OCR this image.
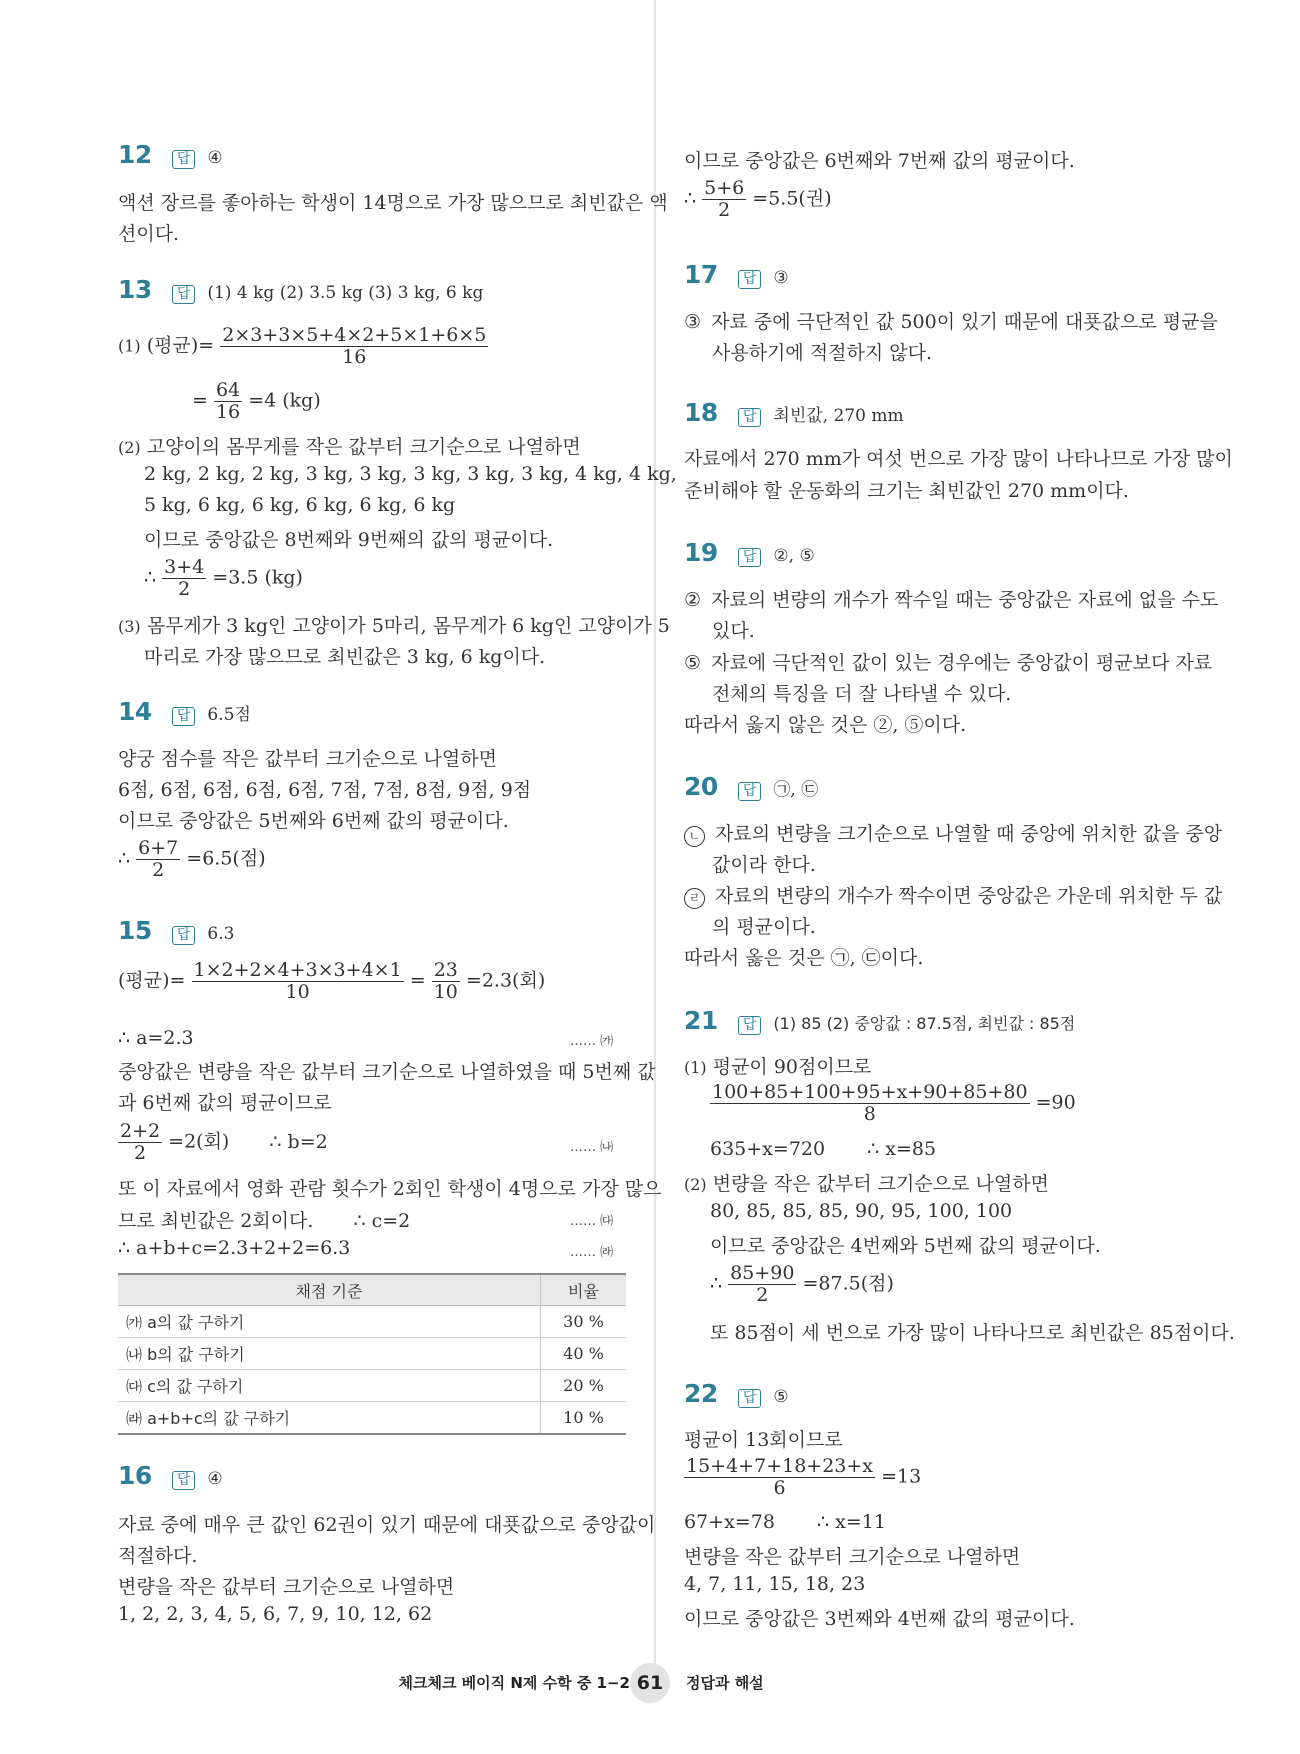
12 답 ④
액션 장르를 좋아하는 학생이 14명으로 가장 많으므로 최빈값은 액
션이다.
13 답 (1) 4 kg (2) 3.5 kg (3) 3 kg, 6 kg
(1) (평균)= $\frac{2\times 3+3\times 5+4\times 2+5\times 1+6\times 5}{16}$
= $\frac{64}{16} =4$ (kg)
(2) 고양이의 몸무게를 작은 값부터 크기순으로 나열하면
2 kg, 2 kg, 2 kg, 3 kg, 3 kg, 3 kg, 3 kg, 3 kg, 4 kg, 4 kg,
5 kg, 6 kg, 6 kg, 6 kg, 6 kg, 6 kg
이므로 중앙값은 8번째와 9번째의 값의 평균이다.
∴ $\frac{3+4}{2} =3.5$ (kg)
(3) 몸무게가 3 kg인 고양이가 5마리, 몸무게가 6 kg인 고양이가 5
마리로 가장 많으므로 최빈값은 3 kg, 6 kg이다.
14 답 6.5점
양궁 점수를 작은 값부터 크기순으로 나열하면
6점, 6점, 6점, 6점, 6점, 7점, 7점, 8점, 9점, 9점
이므로 중앙값은 5번째와 6번째 값의 평균이다.
∴ $\frac{6+7}{2} =6.5$(점)
15 답 6.3
(평균)= $\frac{1\times 2+2\times 4+3\times 3+4\times 1}{10} = \frac{23}{10} =2.3$(회)
∴ a=2.3	…… ㈎
중앙값은 변량을 작은 값부터 크기순으로 나열하였을 때 5번째 값
과 6번째 값의 평균이므로
$\frac{2+2}{2} =2$(회) ∴ b=2	…… ㈏
또 이 자료에서 영화 관람 횟수가 2회인 학생이 4명으로 가장 많으
므로 최빈값은 2회이다. ∴ c=2	…… ㈐
∴ a+b+c=2.3+2+2=6.3	…… ㈑
채점 기준	비율
㈎ a의 값 구하기	30 %
㈏ b의 값 구하기	40 %
㈐ c의 값 구하기	20 %
㈑ a+b+c의 값 구하기	10 %
16 답 ④
자료 중에 매우 큰 값인 62권이 있기 때문에 대푯값으로 중앙값이
적절하다.
변량을 작은 값부터 크기순으로 나열하면
1, 2, 2, 3, 4, 5, 6, 7, 9, 10, 12, 62
이므로 중앙값은 6번째와 7번째 값의 평균이다.
∴ $\frac{5+6}{2} =5.5$(권)
17 답 ③
③ 자료 중에 극단적인 값 500이 있기 때문에 대푯값으로 평균을
사용하기에 적절하지 않다.
18 답 최빈값, 270 mm
자료에서 270 mm가 여섯 번으로 가장 많이 나타나므로 가장 많이
준비해야 할 운동화의 크기는 최빈값인 270 mm이다.
19 답 ②, ⑤
② 자료의 변량의 개수가 짝수일 때는 중앙값은 자료에 없을 수도
있다.
⑤ 자료에 극단적인 값이 있는 경우에는 중앙값이 평균보다 자료
전체의 특징을 더 잘 나타낼 수 있다.
따라서 옳지 않은 것은 ②, ⑤이다.
20 답 ㉠, ㉢
ㄴ 자료의 변량을 크기순으로 나열할 때 중앙에 위치한 값을 중앙
값이라 한다.
ㄹ 자료의 변량의 개수가 짝수이면 중앙값은 가운데 위치한 두 값
의 평균이다.
따라서 옳은 것은 ㉠, ㉢이다.
21 답 (1) 85 (2) 중앙값 : 87.5점, 최빈값 : 85점
(1) 평균이 90점이므로
$\frac{100+85+100+95+x+90+85+80}{8} =90$
635+x=720 ∴ x=85
(2) 변량을 작은 값부터 크기순으로 나열하면
80, 85, 85, 85, 90, 95, 100, 100
이므로 중앙값은 4번째와 5번째 값의 평균이다.
∴ $\frac{85+90}{2} =87.5$(점)
또 85점이 세 번으로 가장 많이 나타나므로 최빈값은 85점이다.
22 답 ⑤
평균이 13회이므로
$\frac{15+4+7+18+23+x}{6} =13$
67+x=78 ∴ x=11
변량을 작은 값부터 크기순으로 나열하면
4, 7, 11, 15, 18, 23
이므로 중앙값은 3번째와 4번째 값의 평균이다.
체크체크 베이직 N제 수학 중 1−2 61	정답과 해설
